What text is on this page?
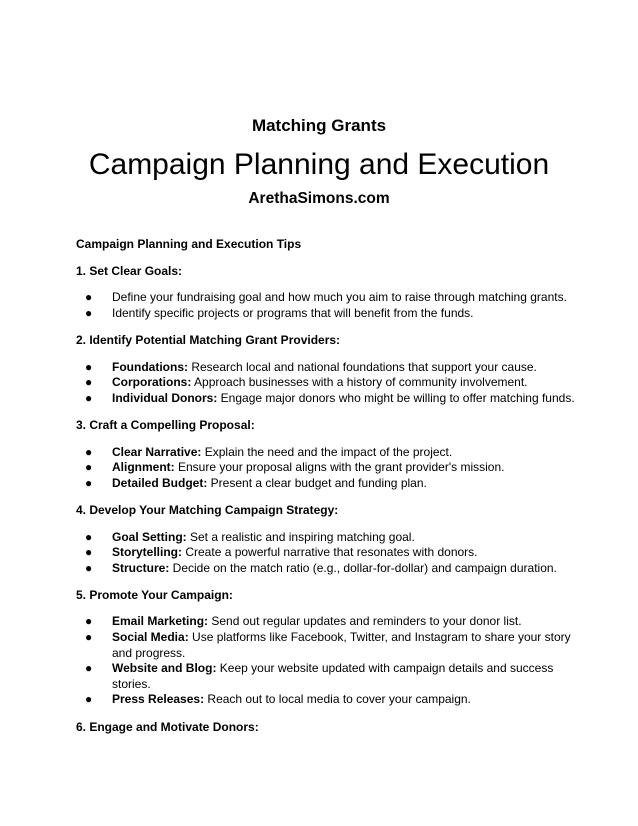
Matching Grants
Campaign Planning and Execution
ArethaSimons.com
Campaign Planning and Execution Tips
1. Set Clear Goals:
● Define your fundraising goal and how much you aim to raise through matching grants.
● Identify specific projects or programs that will benefit from the funds.
2. Identify Potential Matching Grant Providers:
● Foundations: Research local and national foundations that support your cause.
● Corporations: Approach businesses with a history of community involvement.
● Individual Donors: Engage major donors who might be willing to offer matching funds.
3. Craft a Compelling Proposal:
● Clear Narrative: Explain the need and the impact of the project.
● Alignment: Ensure your proposal aligns with the grant provider's mission.
● Detailed Budget: Present a clear budget and funding plan.
4. Develop Your Matching Campaign Strategy:
● Goal Setting: Set a realistic and inspiring matching goal.
● Storytelling: Create a powerful narrative that resonates with donors.
● Structure: Decide on the match ratio (e.g., dollar-for-dollar) and campaign duration.
5. Promote Your Campaign:
● Email Marketing: Send out regular updates and reminders to your donor list.
● Social Media: Use platforms like Facebook, Twitter, and Instagram to share your story and progress.
● Website and Blog: Keep your website updated with campaign details and success stories.
● Press Releases: Reach out to local media to cover your campaign.
6. Engage and Motivate Donors:
